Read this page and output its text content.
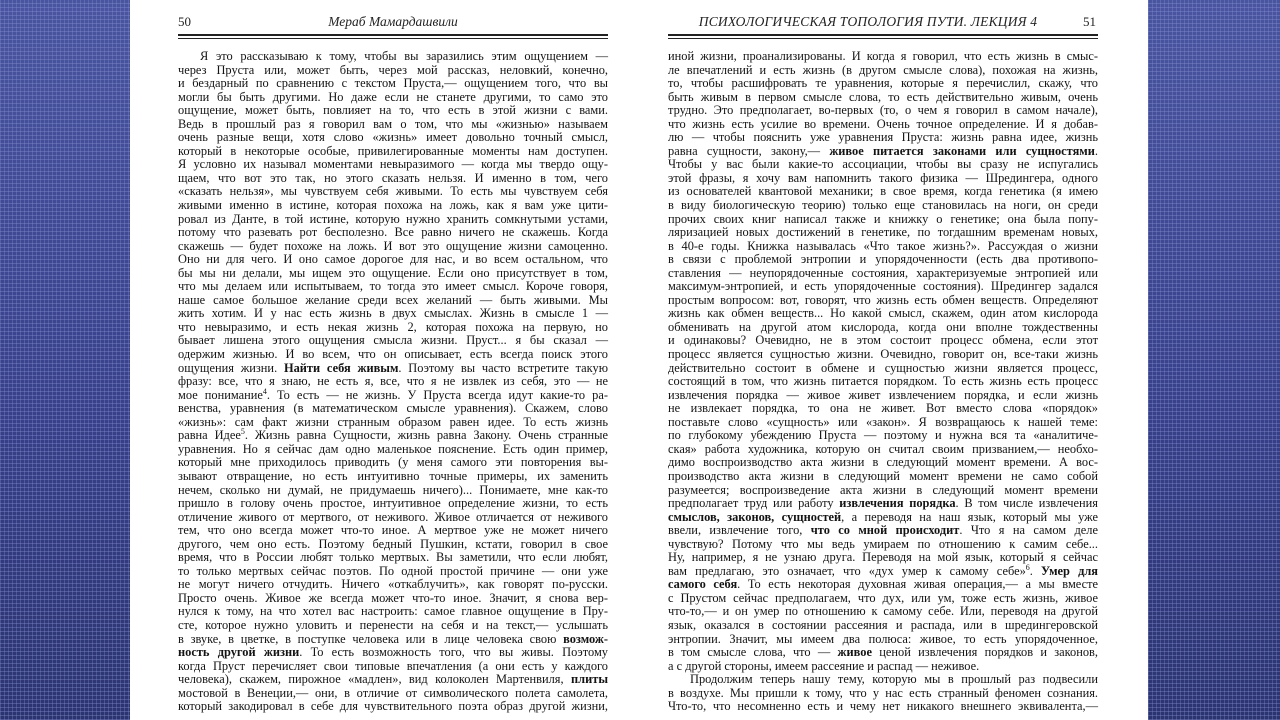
50	Мераб Мамардашвили
Я это рассказываю к тому, чтобы вы заразились этим ощущением —
через Пруста или, может быть, через мой рассказ, неловкий, конечно,
и бездарный по сравнению с текстом Пруста,— ощущением того, что вы
могли бы быть другими. Но даже если не станете другими, то само это
ощущение, может быть, повлияет на то, что есть в этой жизни с вами.
Ведь в прошлый раз я говорил вам о том, что мы «жизнью» называем
очень разные вещи, хотя слово «жизнь» имеет довольно точный смысл,
который в некоторые особые, привилегированные моменты нам доступен.
Я условно их называл моментами невыразимого — когда мы твердо ощу-
щаем, что вот это так, но этого сказать нельзя. И именно в том, чего
«сказать нельзя», мы чувствуем себя живыми. То есть мы чувствуем себя
живыми именно в истине, которая похожа на ложь, как я вам уже цити-
ровал из Данте, в той истине, которую нужно хранить сомкнутыми устами,
потому что разевать рот бесполезно. Все равно ничего не скажешь. Когда
скажешь — будет похоже на ложь. И вот это ощущение жизни самоценно.
Оно ни для чего. И оно самое дорогое для нас, и во всем остальном, что
бы мы ни делали, мы ищем это ощущение. Если оно присутствует в том,
что мы делаем или испытываем, то тогда это имеет смысл. Короче говоря,
наше самое большое желание среди всех желаний — быть живыми. Мы
жить хотим. И у нас есть жизнь в двух смыслах. Жизнь в смысле 1 —
что невыразимо, и есть некая жизнь 2, которая похожа на первую, но
бывает лишена этого ощущения смысла жизни. Пруст... я бы сказал —
одержим жизнью. И во всем, что он описывает, есть всегда поиск этого
ощущения жизни. Найти себя живым. Поэтому вы часто встретите такую
фразу: все, что я знаю, не есть я, все, что я не извлек из себя, это — не
мое понимание$^4$. То есть — не жизнь. У Пруста всегда идут какие-то ра-
венства, уравнения (в математическом смысле уравнения). Скажем, слово
«жизнь»: сам факт жизни странным образом равен идее. То есть жизнь
равна Идее$^5$. Жизнь равна Сущности, жизнь равна Закону. Очень странные
уравнения. Но я сейчас дам одно маленькое пояснение. Есть один пример,
который мне приходилось приводить (у меня самого эти повторения вы-
зывают отвращение, но есть интуитивно точные примеры, их заменить
нечем, сколько ни думай, не придумаешь ничего)... Понимаете, мне как-то
пришло в голову очень простое, интуитивное определение жизни, то есть
отличение живого от мертвого, от неживого. Живое отличается от неживого
тем, что оно всегда может что-то иное. А мертвое уже не может ничего
другого, чем оно есть. Поэтому бедный Пушкин, кстати, говорил в свое
время, что в России любят только мертвых. Вы заметили, что если любят,
то только мертвых сейчас поэтов. По одной простой причине — они уже
не могут ничего отчудить. Ничего «откаблучить», как говорят по-русски.
Просто очень. Живое же всегда может что-то иное. Значит, я снова вер-
нулся к тому, на что хотел вас настроить: самое главное ощущение в Пру-
сте, которое нужно уловить и перенести на себя и на текст,— услышать
в звуке, в цветке, в поступке человека или в лице человека свою возмож-
ность другой жизни. То есть возможность того, что вы живы. Поэтому
когда Пруст перечисляет свои типовые впечатления (а они есть у каждого
человека), скажем, пирожное «мадлен», вид колоколен Мартенвиля, плиты
мостовой в Венеции,— они, в отличие от символического полета самолета,
который закодировал в себе для чувствительного поэта образ другой жизни,
ПСИХОЛОГИЧЕСКАЯ ТОПОЛОГИЯ ПУТИ. ЛЕКЦИЯ 4	51
иной жизни, проанализированы. И когда я говорил, что есть жизнь в смыс-
ле впечатлений и есть жизнь (в другом смысле слова), похожая на жизнь,
то, чтобы расшифровать те уравнения, которые я перечислил, скажу, что
быть живым в первом смысле слова, то есть действительно живым, очень
трудно. Это предполагает, во-первых (то, о чем я говорил в самом начале),
что жизнь есть усилие во времени. Очень точное определение. И я добав-
лю — чтобы пояснить уже уравнения Пруста: жизнь равна идее, жизнь
равна сущности, закону,— живое питается законами или сущностями.
Чтобы у вас были какие-то ассоциации, чтобы вы сразу не испугались
этой фразы, я хочу вам напомнить такого физика — Шредингера, одного
из основателей квантовой механики; в свое время, когда генетика (я имею
в виду биологическую теорию) только еще становилась на ноги, он среди
прочих своих книг написал также и книжку о генетике; она была попу-
ляризацией новых достижений в генетике, по тогдашним временам новых,
в 40-е годы. Книжка называлась «Что такое жизнь?». Рассуждая о жизни
в связи с проблемой энтропии и упорядоченности (есть два противопо-
ставления — неупорядоченные состояния, характеризуемые энтропией или
максимум-энтропией, и есть упорядоченные состояния). Шредингер задался
простым вопросом: вот, говорят, что жизнь есть обмен веществ. Определяют
жизнь как обмен веществ... Но какой смысл, скажем, один атом кислорода
обменивать на другой атом кислорода, когда они вполне тождественны
и одинаковы? Очевидно, не в этом состоит процесс обмена, если этот
процесс является сущностью жизни. Очевидно, говорит он, все-таки жизнь
действительно состоит в обмене и сущностью жизни является процесс,
состоящий в том, что жизнь питается порядком. То есть жизнь есть процесс
извлечения порядка — живое живет извлечением порядка, и если жизнь
не извлекает порядка, то она не живет. Вот вместо слова «порядок»
поставьте слово «сущность» или «закон». Я возвращаюсь к нашей теме:
по глубокому убеждению Пруста — поэтому и нужна вся та «аналитиче-
ская» работа художника, которую он считал своим призванием,— необхо-
димо воспроизводство акта жизни в следующий момент времени. А вос-
производство акта жизни в следующий момент времени не само собой
разумеется; воспроизведение акта жизни в следующий момент времени
предполагает труд или работу извлечения порядка. В том числе извлечения
смыслов, законов, сущностей, а переводя на наш язык, который мы уже
ввели, извлечение того, что со мной происходит. Что я на самом деле
чувствую? Потому что мы ведь умираем по отношению к самим себе...
Ну, например, я не узнаю друга. Переводя на мой язык, который я сейчас
вам предлагаю, это означает, что «дух умер к самому себе»$^6$. Умер для
самого себя. То есть некоторая духовная живая операция,— а мы вместе
с Прустом сейчас предполагаем, что дух, или ум, тоже есть жизнь, живое
что-то,— и он умер по отношению к самому себе. Или, переводя на другой
язык, оказался в состоянии рассеяния и распада, или в шредингеровской
энтропии. Значит, мы имеем два полюса: живое, то есть упорядоченное,
в том смысле слова, что — живое ценой извлечения порядков и законов,
а с другой стороны, имеем рассеяние и распад — неживое.
Продолжим теперь нашу тему, которую мы в прошлый раз подвесили
в воздухе. Мы пришли к тому, что у нас есть странный феномен сознания.
Что-то, что несомненно есть и чему нет никакого внешнего эквивалента,—
